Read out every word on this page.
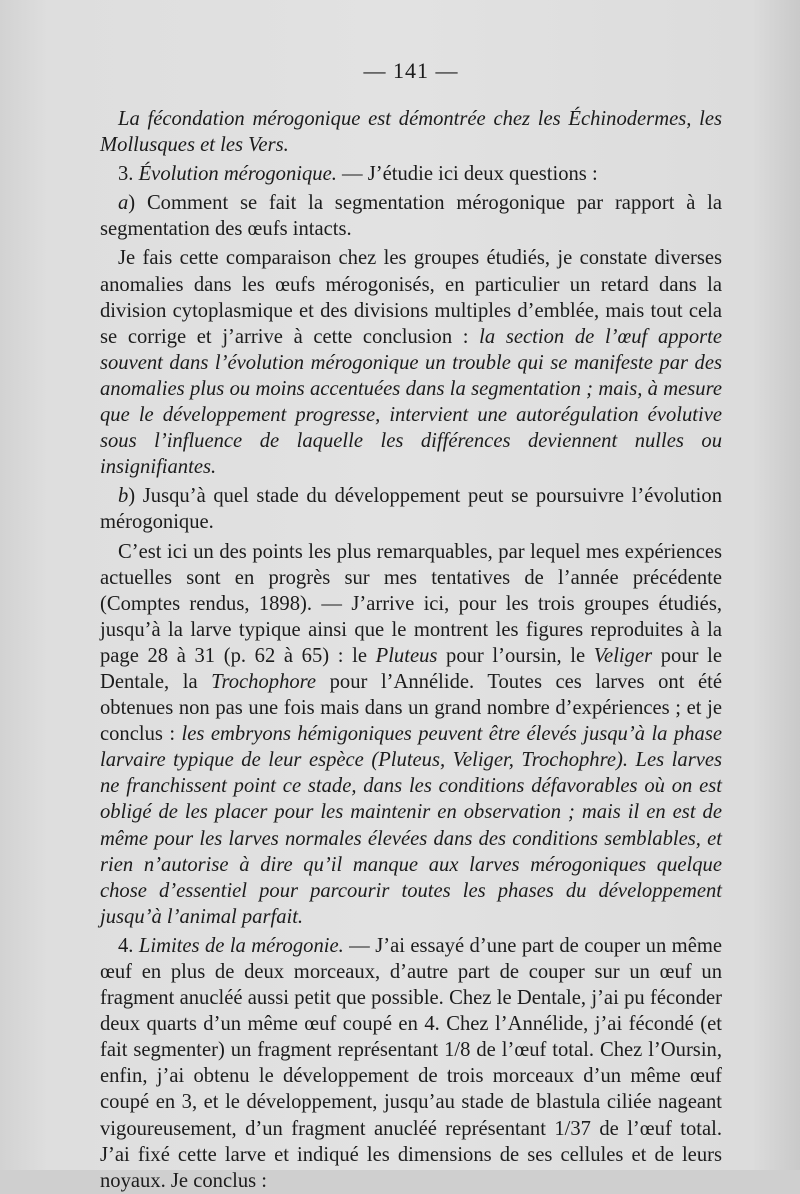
— 141 —

La fécondation mérogonique est démontrée chez les Échinodermes, les Mollusques et les Vers.

3. Évolution mérogonique. — J’étudie ici deux questions :

a) Comment se fait la segmentation mérogonique par rapport à la segmentation des œufs intacts.

Je fais cette comparaison chez les groupes étudiés, je constate diverses anomalies dans les œufs mérogonisés, en particulier un retard dans la division cytoplasmique et des divisions multiples d’emblée, mais tout cela se corrige et j’arrive à cette conclusion : la section de l’œuf apporte souvent dans l’évolution mérogonique un trouble qui se manifeste par des anomalies plus ou moins accentuées dans la segmentation ; mais, à mesure que le développement progresse, intervient une autorégulation évolutive sous l’influence de laquelle les différences deviennent nulles ou insignifiantes.

b) Jusqu’à quel stade du développement peut se poursuivre l’évolution mérogonique.

C’est ici un des points les plus remarquables, par lequel mes expériences actuelles sont en progrès sur mes tentatives de l’année précédente (Comptes rendus, 1898). — J’arrive ici, pour les trois groupes étudiés, jusqu’à la larve typique ainsi que le montrent les figures reproduites à la page 28 à 31 (p. 62 à 65) : le Pluteus pour l’oursin, le Veliger pour le Dentale, la Trochophore pour l’Annélide. Toutes ces larves ont été obtenues non pas une fois mais dans un grand nombre d’expériences ; et je conclus : les embryons hémigoniques peuvent être élevés jusqu’à la phase larvaire typique de leur espèce (Pluteus, Veliger, Trochophre). Les larves ne franchissent point ce stade, dans les conditions défavorables où on est obligé de les placer pour les maintenir en observation ; mais il en est de même pour les larves normales élevées dans des conditions semblables, et rien n’autorise à dire qu’il manque aux larves mérogoniques quelque chose d’essentiel pour parcourir toutes les phases du développement jusqu’à l’animal parfait.

4. Limites de la mérogonie. — J’ai essayé d’une part de couper un même œuf en plus de deux morceaux, d’autre part de couper sur un œuf un fragment anucléé aussi petit que possible. Chez le Dentale, j’ai pu féconder deux quarts d’un même œuf coupé en 4. Chez l’Annélide, j’ai fécondé (et fait segmenter) un fragment représentant 1/8 de l’œuf total. Chez l’Oursin, enfin, j’ai obtenu le développement de trois morceaux d’un même œuf coupé en 3, et le développement, jusqu’au stade de blastula ciliée nageant vigoureusement, d’un fragment anucléé représentant 1/37 de l’œuf total. J’ai fixé cette larve et indiqué les dimensions de ses cellules et de leurs noyaux. Je conclus :
